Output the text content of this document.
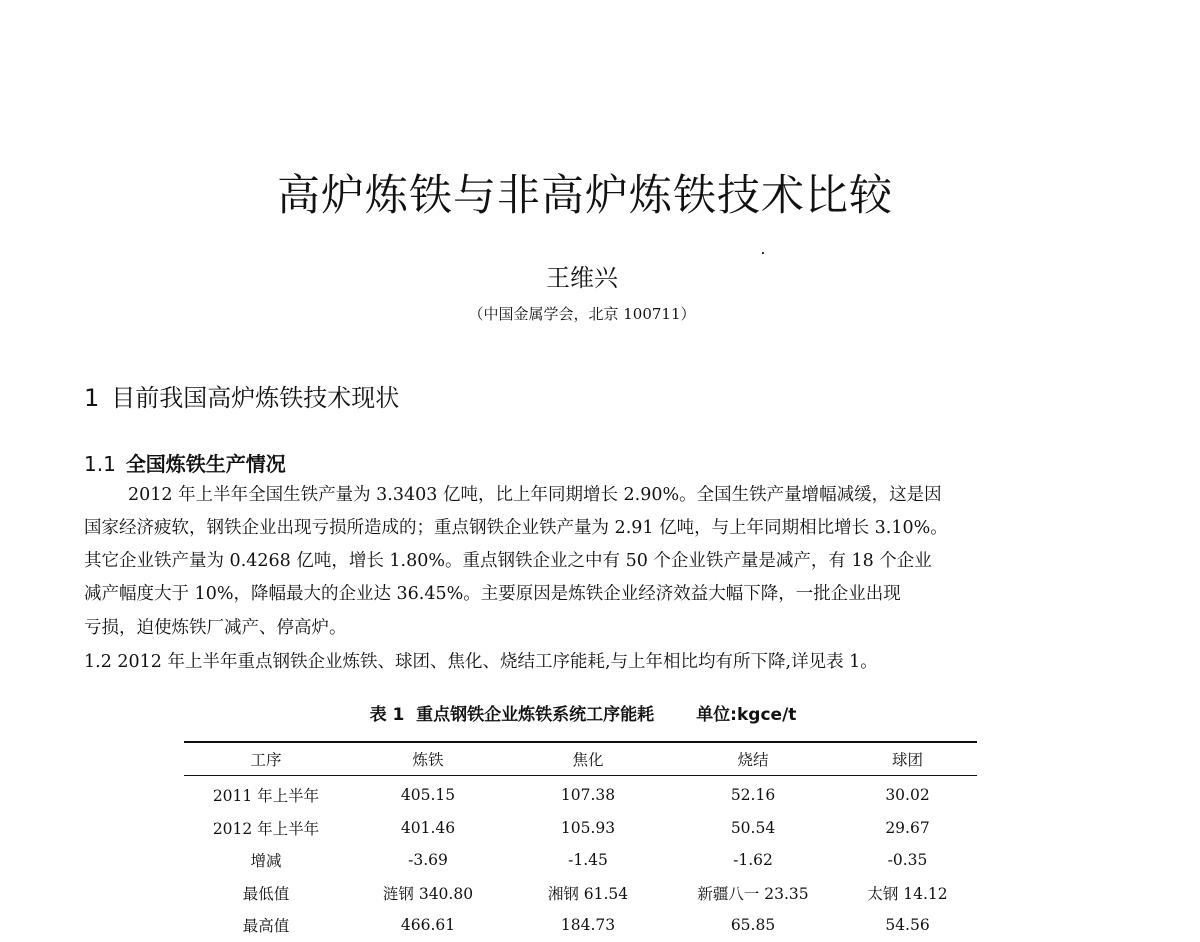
高炉炼铁与非高炉炼铁技术比较
王维兴
（中国金属学会，北京 100711）
1 目前我国高炉炼铁技术现状
1.1 全国炼铁生产情况
2012 年上半年全国生铁产量为 3.3403 亿吨，比上年同期增长 2.90%。全国生铁产量增幅减缓，这是因
国家经济疲软，钢铁企业出现亏损所造成的；重点钢铁企业铁产量为 2.91 亿吨，与上年同期相比增长 3.10%。
其它企业铁产量为 0.4268 亿吨，增长 1.80%。重点钢铁企业之中有 50 个企业铁产量是减产，有 18 个企业
减产幅度大于 10%，降幅最大的企业达 36.45%。主要原因是炼铁企业经济效益大幅下降，一批企业出现
亏损，迫使炼铁厂减产、停高炉。
1.2 2012 年上半年重点钢铁企业炼铁、球团、焦化、烧结工序能耗,与上年相比均有所下降,详见表 1。
表 1  重点钢铁企业炼铁系统工序能耗 单位:kgce/t
工序	炼铁	焦化	烧结	球团
2011 年上半年	405.15	107.38	52.16	30.02
2012 年上半年	401.46	105.93	50.54	29.67
增减	-3.69	-1.45	-1.62	-0.35
最低值	涟钢 340.80	湘钢 61.54	新疆八一 23.35	太钢 14.12
最高值	466.61	184.73	65.85	54.56
